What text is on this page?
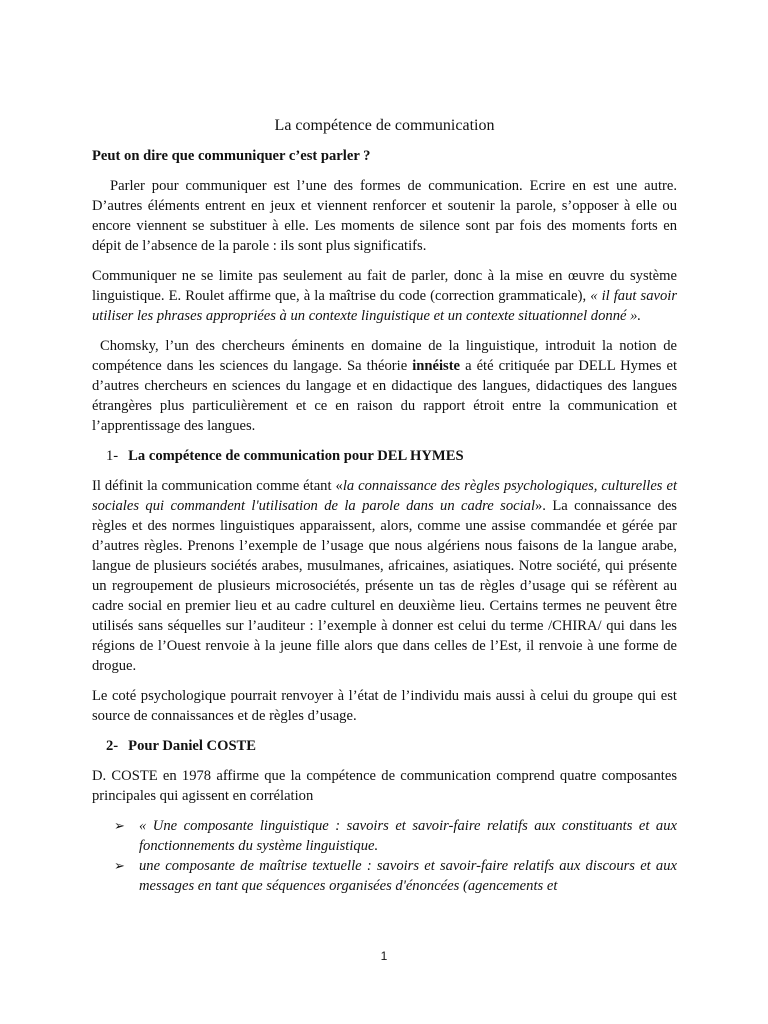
La compétence de communication
Peut on dire que communiquer c’est parler ?

Parler pour communiquer est l’une des formes de communication. Ecrire en est une autre. D’autres éléments entrent en jeux et viennent renforcer et soutenir la parole, s’opposer à elle ou encore viennent se substituer à elle. Les moments de silence sont par fois des moments forts en dépit de l’absence de la parole : ils sont plus significatifs.

Communiquer ne se limite pas seulement au fait de parler, donc à la mise en œuvre du système linguistique. E. Roulet affirme que, à la maîtrise du code (correction grammaticale), « il faut savoir utiliser les phrases appropriées à un contexte linguistique et un contexte situationnel donné ».

Chomsky, l’un des chercheurs éminents en domaine de la linguistique, introduit la notion de compétence dans les sciences du langage. Sa théorie innéiste a été critiquée par DELL Hymes et d’autres chercheurs en sciences du langage et en didactique des langues, didactiques des langues étrangères plus particulièrement et ce en raison du rapport étroit entre la communication et l’apprentissage des langues.

1- La compétence de communication pour DEL HYMES

Il définit la communication comme étant «la connaissance des règles psychologiques, culturelles et sociales qui commandent l'utilisation de la parole dans un cadre social». La connaissance des règles et des normes linguistiques apparaissent, alors, comme une assise commandée et gérée par d’autres règles. Prenons l’exemple de l’usage que nous algériens nous faisons de la langue arabe, langue de plusieurs sociétés arabes, musulmanes, africaines, asiatiques. Notre société, qui présente un regroupement de plusieurs microsociétés, présente un tas de règles d’usage qui se réfèrent au cadre social en premier lieu et au cadre culturel en deuxième lieu. Certains termes ne peuvent être utilisés sans séquelles sur l’auditeur : l’exemple à donner est celui du terme /CHIRA/ qui dans les régions de l’Ouest renvoie à la jeune fille alors que dans celles de l’Est, il renvoie à une forme de drogue.

Le coté psychologique pourrait renvoyer à l’état de l’individu mais aussi à celui du groupe qui est source de connaissances et de règles d’usage.

2- Pour Daniel COSTE

D. COSTE en 1978 affirme que la compétence de communication comprend quatre composantes principales qui agissent en corrélation

➢ « Une composante linguistique : savoirs et savoir-faire relatifs aux constituants et aux fonctionnements du système linguistique.
➢ une composante de maîtrise textuelle : savoirs et savoir-faire relatifs aux discours et aux messages en tant que séquences organisées d'énoncées (agencements et
1
